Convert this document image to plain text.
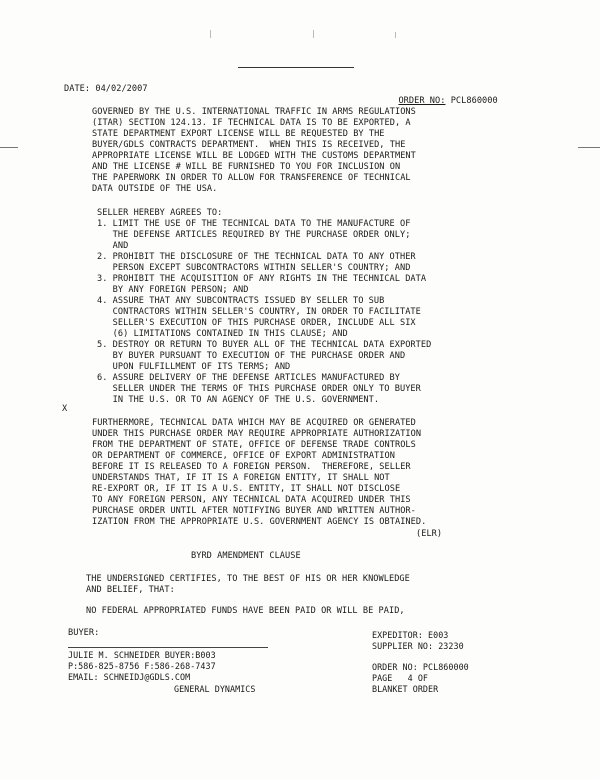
DATE: 04/02/2007

ORDER NO: PCL860000

GOVERNED BY THE U.S. INTERNATIONAL TRAFFIC IN ARMS REGULATIONS
(ITAR) SECTION 124.13. IF TECHNICAL DATA IS TO BE EXPORTED, A
STATE DEPARTMENT EXPORT LICENSE WILL BE REQUESTED BY THE
BUYER/GDLS CONTRACTS DEPARTMENT.  WHEN THIS IS RECEIVED, THE
APPROPRIATE LICENSE WILL BE LODGED WITH THE CUSTOMS DEPARTMENT
AND THE LICENSE # WILL BE FURNISHED TO YOU FOR INCLUSION ON
THE PAPERWORK IN ORDER TO ALLOW FOR TRANSFERENCE OF TECHNICAL
DATA OUTSIDE OF THE USA.
SELLER HEREBY AGREES TO:
1. LIMIT THE USE OF THE TECHNICAL DATA TO THE MANUFACTURE OF
THE DEFENSE ARTICLES REQUIRED BY THE PURCHASE ORDER ONLY;
AND
2. PROHIBIT THE DISCLOSURE OF THE TECHNICAL DATA TO ANY OTHER
PERSON EXCEPT SUBCONTRACTORS WITHIN SELLER'S COUNTRY; AND
3. PROHIBIT THE ACQUISITION OF ANY RIGHTS IN THE TECHNICAL DATA
BY ANY FOREIGN PERSON; AND
4. ASSURE THAT ANY SUBCONTRACTS ISSUED BY SELLER TO SUB
CONTRACTORS WITHIN SELLER'S COUNTRY, IN ORDER TO FACILITATE
SELLER'S EXECUTION OF THIS PURCHASE ORDER, INCLUDE ALL SIX
(6) LIMITATIONS CONTAINED IN THIS CLAUSE; AND
5. DESTROY OR RETURN TO BUYER ALL OF THE TECHNICAL DATA EXPORTED
BY BUYER PURSUANT TO EXECUTION OF THE PURCHASE ORDER AND
UPON FULFILLMENT OF ITS TERMS; AND
6. ASSURE DELIVERY OF THE DEFENSE ARTICLES MANUFACTURED BY
SELLER UNDER THE TERMS OF THIS PURCHASE ORDER ONLY TO BUYER
IN THE U.S. OR TO AN AGENCY OF THE U.S. GOVERNMENT.
X
FURTHERMORE, TECHNICAL DATA WHICH MAY BE ACQUIRED OR GENERATED
UNDER THIS PURCHASE ORDER MAY REQUIRE APPROPRIATE AUTHORIZATION
FROM THE DEPARTMENT OF STATE, OFFICE OF DEFENSE TRADE CONTROLS
OR DEPARTMENT OF COMMERCE, OFFICE OF EXPORT ADMINISTRATION
BEFORE IT IS RELEASED TO A FOREIGN PERSON.  THEREFORE, SELLER
UNDERSTANDS THAT, IF IT IS A FOREIGN ENTITY, IT SHALL NOT
RE-EXPORT OR, IF IT IS A U.S. ENTITY, IT SHALL NOT DISCLOSE
TO ANY FOREIGN PERSON, ANY TECHNICAL DATA ACQUIRED UNDER THIS
PURCHASE ORDER UNTIL AFTER NOTIFYING BUYER AND WRITTEN AUTHOR-
IZATION FROM THE APPROPRIATE U.S. GOVERNMENT AGENCY IS OBTAINED.
(ELR)
BYRD AMENDMENT CLAUSE
THE UNDERSIGNED CERTIFIES, TO THE BEST OF HIS OR HER KNOWLEDGE
AND BELIEF, THAT:
NO FEDERAL APPROPRIATED FUNDS HAVE BEEN PAID OR WILL BE PAID,
BUYER:
JULIE M. SCHNEIDER BUYER:B003
P:586-825-8756 F:586-268-7437
EMAIL: SCHNEIDJ@GDLS.COM
GENERAL DYNAMICS
EXPEDITOR: E003
SUPPLIER NO: 23230
ORDER NO: PCL860000
PAGE   4 OF
BLANKET ORDER
